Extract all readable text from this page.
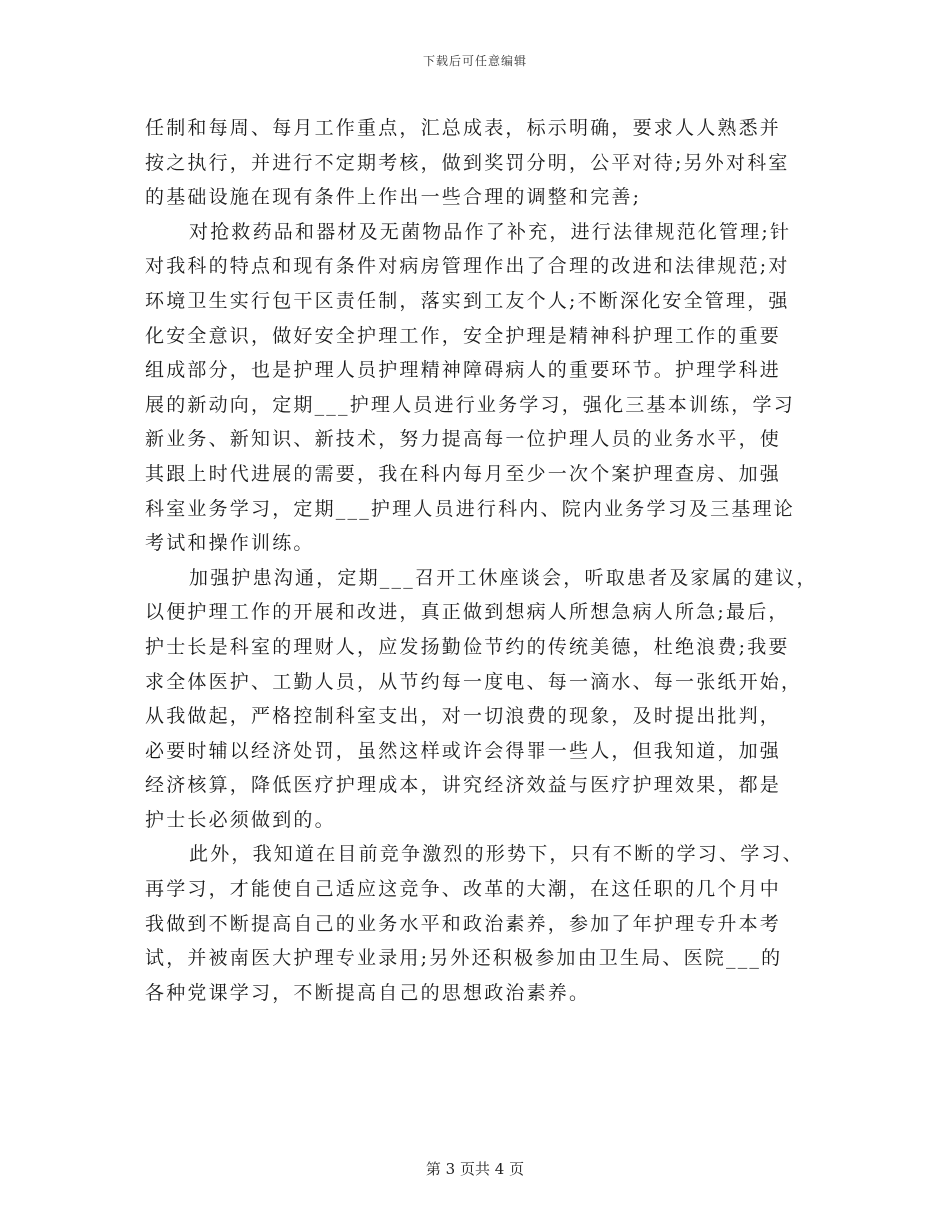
下载后可任意编辑
任制和每周、每月工作重点，汇总成表，标示明确，要求人人熟悉并
按之执行，并进行不定期考核，做到奖罚分明，公平对待;另外对科室
的基础设施在现有条件上作出一些合理的调整和完善;
对抢救药品和器材及无菌物品作了补充，进行法律规范化管理;针
对我科的特点和现有条件对病房管理作出了合理的改进和法律规范;对
环境卫生实行包干区责任制，落实到工友个人;不断深化安全管理，强
化安全意识，做好安全护理工作，安全护理是精神科护理工作的重要
组成部分，也是护理人员护理精神障碍病人的重要环节。护理学科进
展的新动向，定期___护理人员进行业务学习，强化三基本训练，学习
新业务、新知识、新技术，努力提高每一位护理人员的业务水平，使
其跟上时代进展的需要，我在科内每月至少一次个案护理查房、加强
科室业务学习，定期___护理人员进行科内、院内业务学习及三基理论
考试和操作训练。
加强护患沟通，定期___召开工休座谈会，听取患者及家属的建议，
以便护理工作的开展和改进，真正做到想病人所想急病人所急;最后，
护士长是科室的理财人，应发扬勤俭节约的传统美德，杜绝浪费;我要
求全体医护、工勤人员，从节约每一度电、每一滴水、每一张纸开始，
从我做起，严格控制科室支出，对一切浪费的现象，及时提出批判，
必要时辅以经济处罚，虽然这样或许会得罪一些人，但我知道，加强
经济核算，降低医疗护理成本，讲究经济效益与医疗护理效果，都是
护士长必须做到的。
此外，我知道在目前竞争激烈的形势下，只有不断的学习、学习、
再学习，才能使自己适应这竞争、改革的大潮，在这任职的几个月中
我做到不断提高自己的业务水平和政治素养，参加了年护理专升本考
试，并被南医大护理专业录用;另外还积极参加由卫生局、医院___的
各种党课学习，不断提高自己的思想政治素养。
第 3 页共 4 页
